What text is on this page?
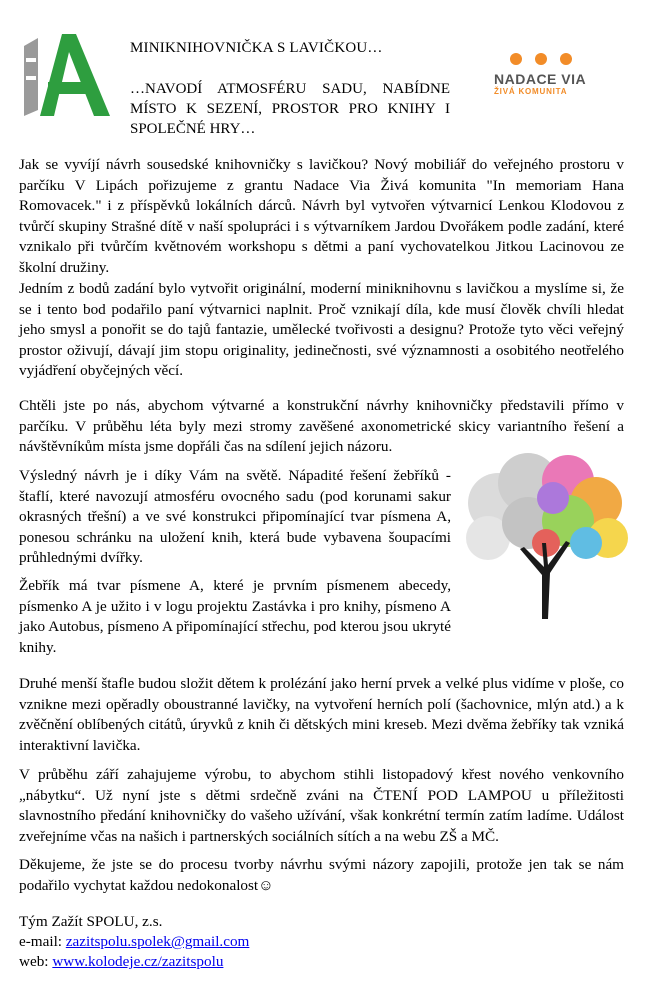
MINIKNIHOVNIČKA S LAVIČKOU…
…NAVODÍ ATMOSFÉRU SADU, NABÍDNE MÍSTO K SEZENÍ, PROSTOR PRO KNIHY I SPOLEČNÉ HRY…
NADACE VIA
ŽIVÁ KOMUNITA

Jak se vyvíjí návrh sousedské knihovničky s lavičkou? Nový mobiliář do veřejného prostoru v parčíku V Lipách pořizujeme z grantu Nadace Via Živá komunita "In memoriam Hana Romovacek." i z příspěvků lokálních dárců. Návrh byl vytvořen výtvarnicí Lenkou Klodovou z tvůrčí skupiny Strašné dítě v naší spolupráci i s výtvarníkem Jardou Dvořákem podle zadání, které vznikalo při tvůrčím květnovém workshopu s dětmi a paní vychovatelkou Jitkou Lacinovou ze školní družiny.

Jedním z bodů zadání bylo vytvořit originální, moderní miniknihovnu s lavičkou a myslíme si, že se i tento bod podařilo paní výtvarnici naplnit. Proč vznikají díla, kde musí člověk chvíli hledat jeho smysl a ponořit se do tajů fantazie, umělecké tvořivosti a designu? Protože tyto věci veřejný prostor oživují, dávají jim stopu originality, jedinečnosti, své významnosti a osobitého neotřelého vyjádření obyčejných věcí.

Chtěli jste po nás, abychom výtvarné a konstrukční návrhy knihovničky představili přímo v parčíku. V průběhu léta byly mezi stromy zavěšené axonometrické skicy variantního řešení a návštěvníkům místa jsme dopřáli čas na sdílení jejich názoru.

Výsledný návrh je i díky Vám na světě. Nápadité řešení žebříků - štaflí, které navozují atmosféru ovocného sadu (pod korunami sakur okrasných třešní) a ve své konstrukci připomínající tvar písmena A, ponesou schránku na uložení knih, která bude vybavena šoupacími průhlednými dvířky.

Žebřík má tvar písmene A, které je prvním písmenem abecedy, písmenko A je užito i v logu projektu Zastávka i pro knihy, písmeno A jako Autobus, písmeno A připomínající střechu, pod kterou jsou ukryté knihy.

Druhé menší štafle budou složit dětem k prolézání jako herní prvek a velké plus vidíme v ploše, co vznikne mezi opěradly oboustranné lavičky, na vytvoření herních polí (šachovnice, mlýn atd.) a k zvěčnění oblíbených citátů, úryvků z knih či dětských mini kreseb. Mezi dvěma žebříky tak vzniká interaktivní lavička.

V průběhu září zahajujeme výrobu, to abychom stihli listopadový křest nového venkovního „nábytku“. Už nyní jste s dětmi srdečně zváni na ČTENÍ POD LAMPOU u příležitosti slavnostního předání knihovničky do vašeho užívání, však konkrétní termín zatím ladíme. Událost zveřejníme včas na našich i partnerských sociálních sítích a na webu ZŠ a MČ.

Děkujeme, že jste se do procesu tvorby návrhu svými názory zapojili, protože jen tak se nám podařilo vychytat každou nedokonalost☺

Tým Zažít SPOLU, z.s.
e-mail: zazitspolu.spolek@gmail.com
web: www.kolodeje.cz/zazitspolu
